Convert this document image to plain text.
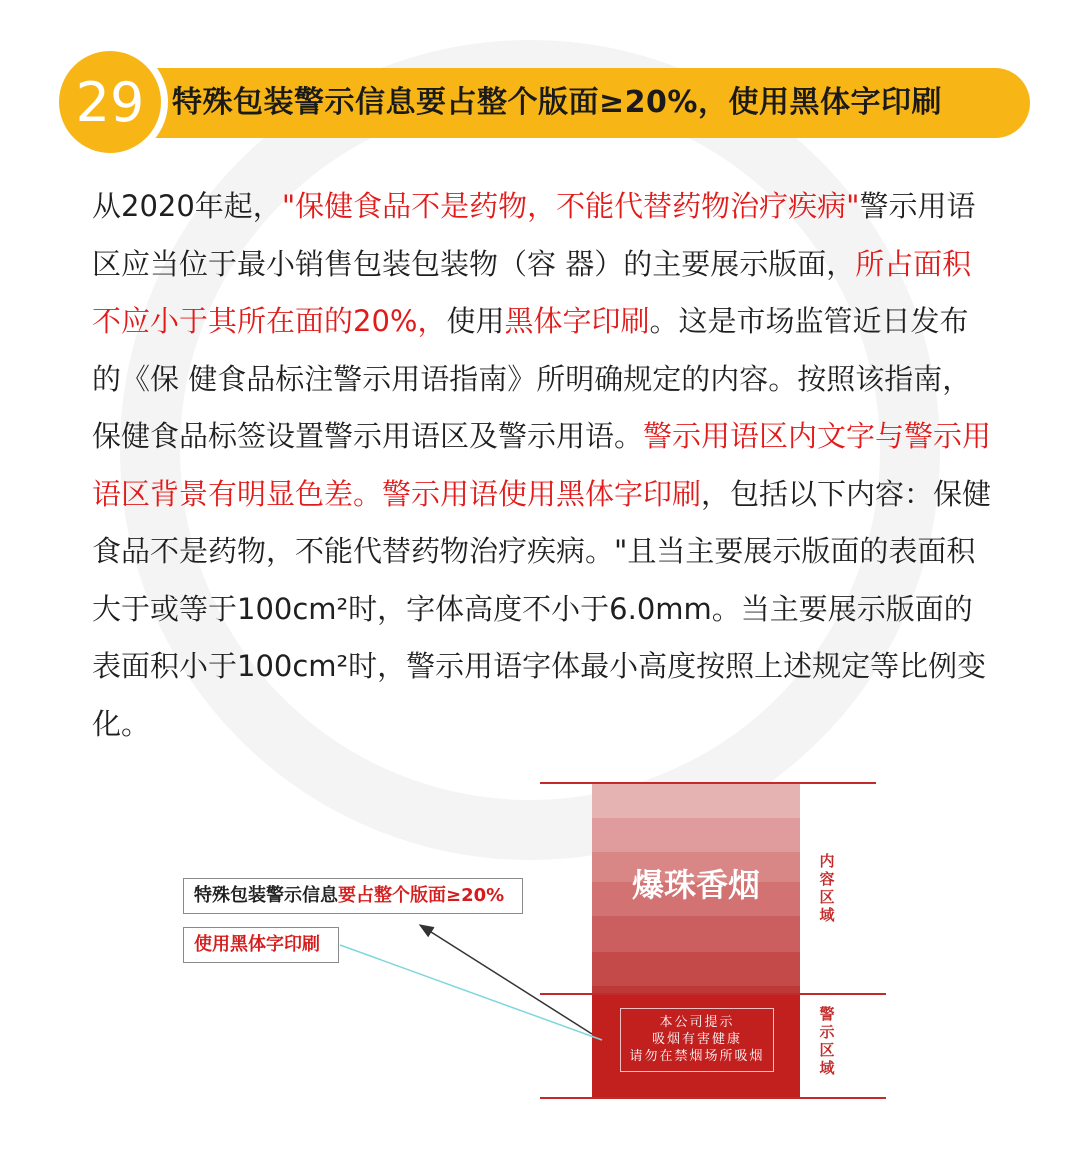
特殊包装警示信息要占整个版面≥20%，使用黑体字印刷
29
从2020年起，"保健食品不是药物，不能代替药物治疗疾病"警示用语区应当位于最小销售包装包装物（容 器）的主要展示版面，所占面积不应小于其所在面的20%，使用黑体字印刷。这是市场监管近日发布的《保 健食品标注警示用语指南》所明确规定的内容。按照该指南，保健食品标签设置警示用语区及警示用语。警示用语区内文字与警示用语区背景有明显色差。警示用语使用黑体字印刷，包括以下内容：保健食品不是药物，不能代替药物治疗疾病。"且当主要展示版面的表面积大于或等于100cm²时，字体高度不小于6.0mm。当主要展示版面的表面积小于100cm²时，警示用语字体最小高度按照上述规定等比例变化。
爆珠香烟
本公司提示
吸烟有害健康
请勿在禁烟场所吸烟
内容区域
警示区域
特殊包装警示信息要占整个版面≥20%
使用黑体字印刷
